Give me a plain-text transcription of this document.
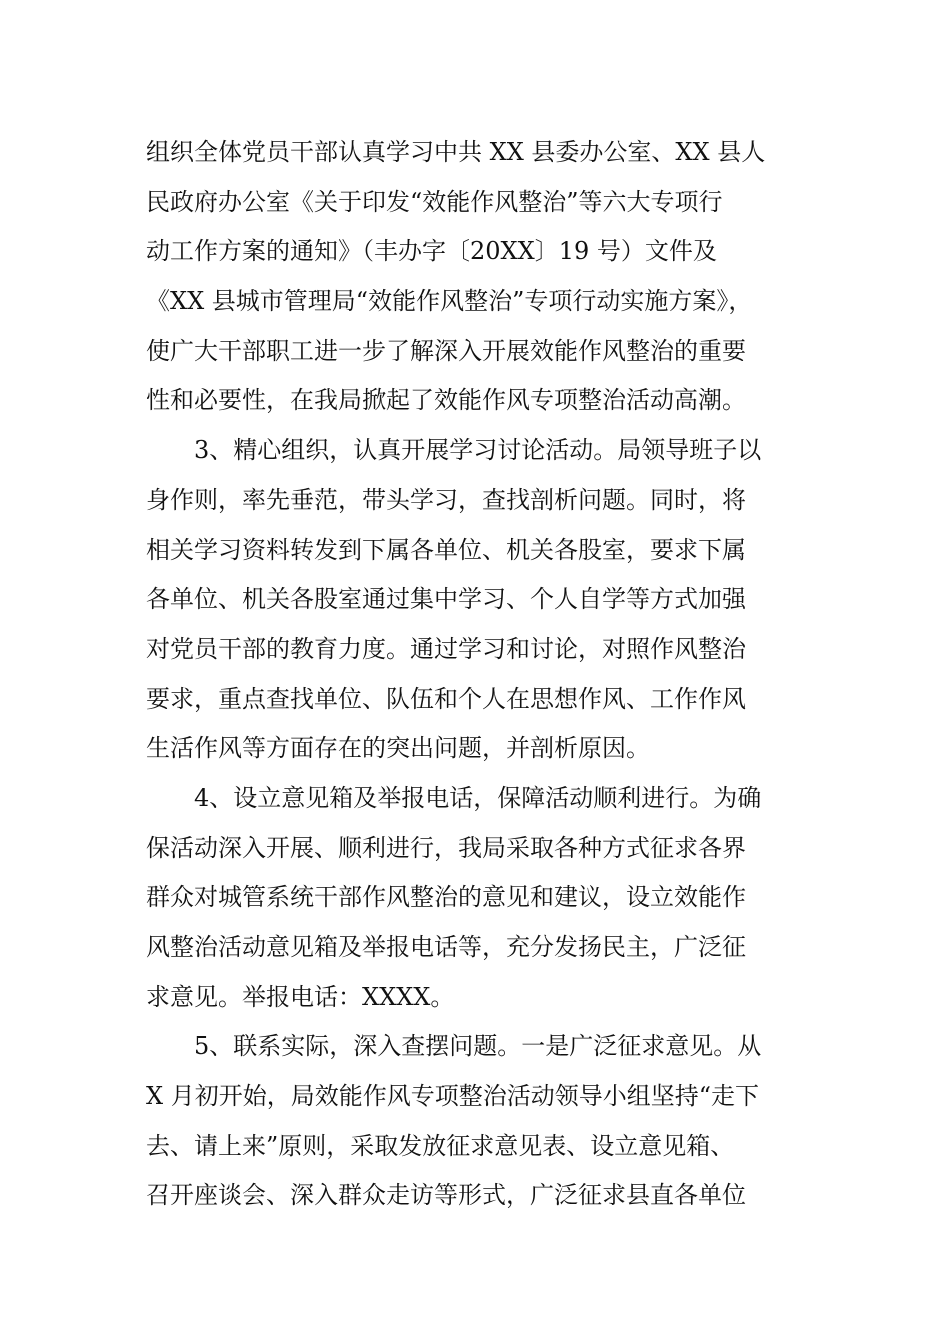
组织全体党员干部认真学习中共 XX 县委办公室、XX 县人
民政府办公室《关于印发“效能作风整治”等六大专项行
动工作方案的通知》（丰办字〔20XX〕19 号）文件及
《XX 县城市管理局“效能作风整治”专项行动实施方案》，
使广大干部职工进一步了解深入开展效能作风整治的重要
性和必要性，在我局掀起了效能作风专项整治活动高潮。
3、精心组织，认真开展学习讨论活动。局领导班子以
身作则，率先垂范，带头学习，查找剖析问题。同时，将
相关学习资料转发到下属各单位、机关各股室，要求下属
各单位、机关各股室通过集中学习、个人自学等方式加强
对党员干部的教育力度。通过学习和讨论，对照作风整治
要求，重点查找单位、队伍和个人在思想作风、工作作风
生活作风等方面存在的突出问题，并剖析原因。
4、设立意见箱及举报电话，保障活动顺利进行。为确
保活动深入开展、顺利进行，我局采取各种方式征求各界
群众对城管系统干部作风整治的意见和建议，设立效能作
风整治活动意见箱及举报电话等，充分发扬民主，广泛征
求意见。举报电话：XXXX。
5、联系实际，深入查摆问题。一是广泛征求意见。从
X 月初开始，局效能作风专项整治活动领导小组坚持“走下
去、请上来”原则，采取发放征求意见表、设立意见箱、
召开座谈会、深入群众走访等形式，广泛征求县直各单位
